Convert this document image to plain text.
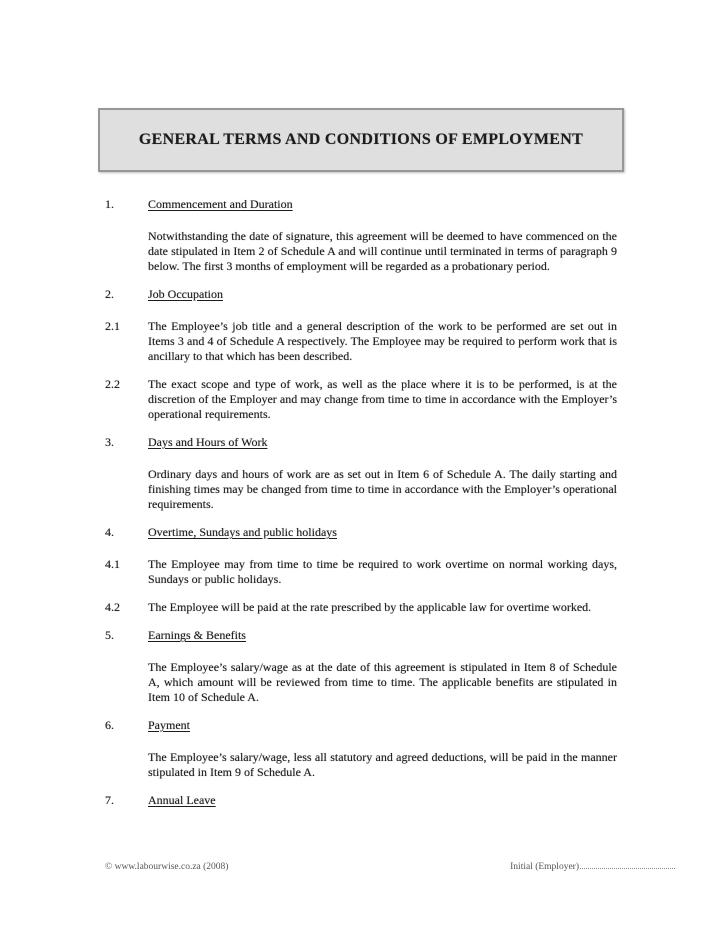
GENERAL TERMS AND CONDITIONS OF EMPLOYMENT
1.	Commencement and Duration

Notwithstanding the date of signature, this agreement will be deemed to have commenced on the date stipulated in Item 2 of Schedule A and will continue until terminated in terms of paragraph 9 below. The first 3 months of employment will be regarded as a probationary period.

2.	Job Occupation
2.1	The Employee’s job title and a general description of the work to be performed are set out in Items 3 and 4 of Schedule A respectively. The Employee may be required to perform work that is ancillary to that which has been described.

2.2	The exact scope and type of work, as well as the place where it is to be performed, is at the discretion of the Employer and may change from time to time in accordance with the Employer’s operational requirements.

3.	Days and Hours of Work

Ordinary days and hours of work are as set out in Item 6 of Schedule A. The daily starting and finishing times may be changed from time to time in accordance with the Employer’s operational requirements.

4.	Overtime, Sundays and public holidays
4.1	The Employee may from time to time be required to work overtime on normal working days, Sundays or public holidays.

4.2	The Employee will be paid at the rate prescribed by the applicable law for overtime worked.

5.	Earnings & Benefits

The Employee’s salary/wage as at the date of this agreement is stipulated in Item 8 of Schedule A, which amount will be reviewed from time to time. The applicable benefits are stipulated in Item 10 of Schedule A.

6.	Payment

The Employee’s salary/wage, less all statutory and agreed deductions, will be paid in the manner stipulated in Item 9 of Schedule A.

7.	Annual Leave
© www.labourwise.co.za (2008)	Initial (Employer)
